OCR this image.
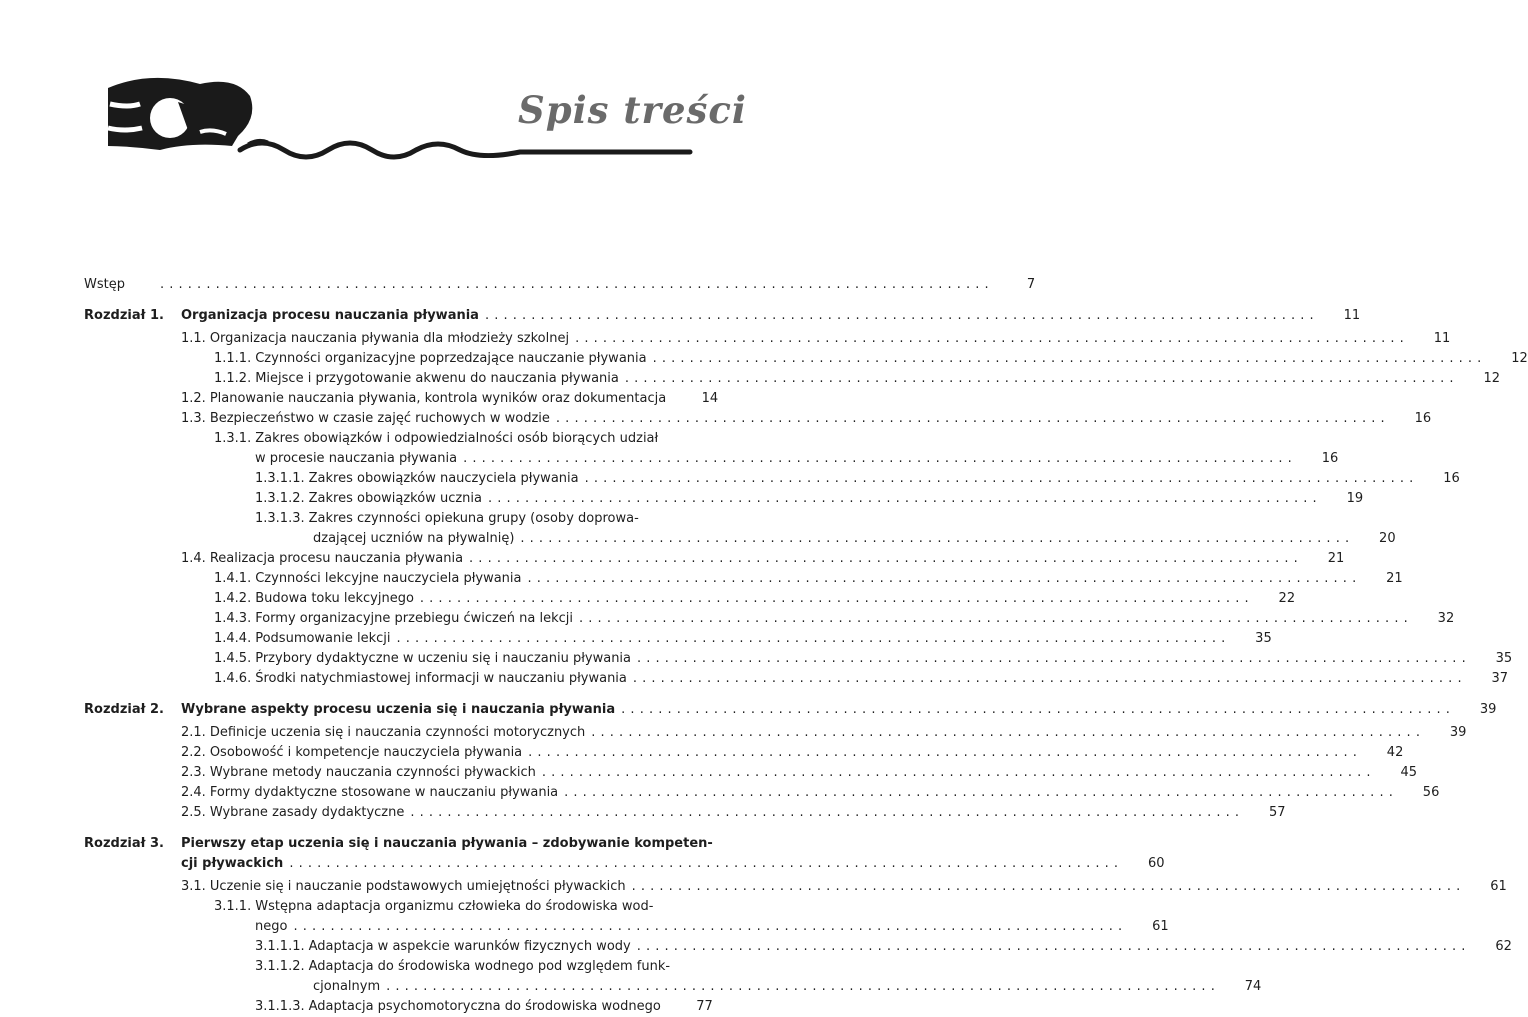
Spis treści
Wstęp	. . . . . . . . . . . . . . . . . . . . . . . . . . . . . . . . . . . . . . . . . . . . . . . . . . . . . . . . . . . . . . . . . . . . . . . . . . . . . . . . . . . . . . . . . .	7
Rozdział 1.	Organizacja procesu nauczania pływania . . . . . . . . . . . . . . . . . . . . . . . . . . . . . . . . . . . . . . . . . . . . . . . . . . . . . . . . . . . . . . . . . . . . . . . . . . . . . . . . . . . . . . . . . .	11
1.1. Organizacja nauczania pływania dla młodzieży szkolnej . . . . . . . . . . . . . . . . . . . . . . . . . . . . . . . . . . . . . . . . . . . . . . . . . . . . . . . . . . . . . . . . . . . . . . . . . . . . . . . . . . . . . . . . . .	11
1.1.1. Czynności organizacyjne poprzedzające nauczanie pływania . . . . . . . . . . . . . . . . . . . . . . . . . . . . . . . . . . . . . . . . . . . . . . . . . . . . . . . . . . . . . . . . . . . . . . . . . . . . . . . . . . . . . . . . . .	12
1.1.2. Miejsce i przygotowanie akwenu do nauczania pływania . . . . . . . . . . . . . . . . . . . . . . . . . . . . . . . . . . . . . . . . . . . . . . . . . . . . . . . . . . . . . . . . . . . . . . . . . . . . . . . . . . . . . . . . . .	12
1.2. Planowanie nauczania pływania, kontrola wyników oraz dokumentacja	14
1.3. Bezpieczeństwo w czasie zajęć ruchowych w wodzie . . . . . . . . . . . . . . . . . . . . . . . . . . . . . . . . . . . . . . . . . . . . . . . . . . . . . . . . . . . . . . . . . . . . . . . . . . . . . . . . . . . . . . . . . .	16
1.3.1. Zakres obowiązków i odpowiedzialności osób biorących udział
w procesie nauczania pływania . . . . . . . . . . . . . . . . . . . . . . . . . . . . . . . . . . . . . . . . . . . . . . . . . . . . . . . . . . . . . . . . . . . . . . . . . . . . . . . . . . . . . . . . . .	16
1.3.1.1. Zakres obowiązków nauczyciela pływania . . . . . . . . . . . . . . . . . . . . . . . . . . . . . . . . . . . . . . . . . . . . . . . . . . . . . . . . . . . . . . . . . . . . . . . . . . . . . . . . . . . . . . . . . .	16
1.3.1.2. Zakres obowiązków ucznia . . . . . . . . . . . . . . . . . . . . . . . . . . . . . . . . . . . . . . . . . . . . . . . . . . . . . . . . . . . . . . . . . . . . . . . . . . . . . . . . . . . . . . . . . .	19
1.3.1.3. Zakres czynności opiekuna grupy (osoby doprowa-
dzającej uczniów na pływalnię) . . . . . . . . . . . . . . . . . . . . . . . . . . . . . . . . . . . . . . . . . . . . . . . . . . . . . . . . . . . . . . . . . . . . . . . . . . . . . . . . . . . . . . . . . .	20
1.4. Realizacja procesu nauczania pływania . . . . . . . . . . . . . . . . . . . . . . . . . . . . . . . . . . . . . . . . . . . . . . . . . . . . . . . . . . . . . . . . . . . . . . . . . . . . . . . . . . . . . . . . . .	21
1.4.1. Czynności lekcyjne nauczyciela pływania . . . . . . . . . . . . . . . . . . . . . . . . . . . . . . . . . . . . . . . . . . . . . . . . . . . . . . . . . . . . . . . . . . . . . . . . . . . . . . . . . . . . . . . . . .	21
1.4.2. Budowa toku lekcyjnego . . . . . . . . . . . . . . . . . . . . . . . . . . . . . . . . . . . . . . . . . . . . . . . . . . . . . . . . . . . . . . . . . . . . . . . . . . . . . . . . . . . . . . . . . .	22
1.4.3. Formy organizacyjne przebiegu ćwiczeń na lekcji . . . . . . . . . . . . . . . . . . . . . . . . . . . . . . . . . . . . . . . . . . . . . . . . . . . . . . . . . . . . . . . . . . . . . . . . . . . . . . . . . . . . . . . . . .	32
1.4.4. Podsumowanie lekcji . . . . . . . . . . . . . . . . . . . . . . . . . . . . . . . . . . . . . . . . . . . . . . . . . . . . . . . . . . . . . . . . . . . . . . . . . . . . . . . . . . . . . . . . . .	35
1.4.5. Przybory dydaktyczne w uczeniu się i nauczaniu pływania . . . . . . . . . . . . . . . . . . . . . . . . . . . . . . . . . . . . . . . . . . . . . . . . . . . . . . . . . . . . . . . . . . . . . . . . . . . . . . . . . . . . . . . . . .	35
1.4.6. Środki natychmiastowej informacji w nauczaniu pływania . . . . . . . . . . . . . . . . . . . . . . . . . . . . . . . . . . . . . . . . . . . . . . . . . . . . . . . . . . . . . . . . . . . . . . . . . . . . . . . . . . . . . . . . . .	37
Rozdział 2.	Wybrane aspekty procesu uczenia się i nauczania pływania . . . . . . . . . . . . . . . . . . . . . . . . . . . . . . . . . . . . . . . . . . . . . . . . . . . . . . . . . . . . . . . . . . . . . . . . . . . . . . . . . . . . . . . . . .	39
2.1. Definicje uczenia się i nauczania czynności motorycznych . . . . . . . . . . . . . . . . . . . . . . . . . . . . . . . . . . . . . . . . . . . . . . . . . . . . . . . . . . . . . . . . . . . . . . . . . . . . . . . . . . . . . . . . . .	39
2.2. Osobowość i kompetencje nauczyciela pływania . . . . . . . . . . . . . . . . . . . . . . . . . . . . . . . . . . . . . . . . . . . . . . . . . . . . . . . . . . . . . . . . . . . . . . . . . . . . . . . . . . . . . . . . . .	42
2.3. Wybrane metody nauczania czynności pływackich . . . . . . . . . . . . . . . . . . . . . . . . . . . . . . . . . . . . . . . . . . . . . . . . . . . . . . . . . . . . . . . . . . . . . . . . . . . . . . . . . . . . . . . . . .	45
2.4. Formy dydaktyczne stosowane w nauczaniu pływania . . . . . . . . . . . . . . . . . . . . . . . . . . . . . . . . . . . . . . . . . . . . . . . . . . . . . . . . . . . . . . . . . . . . . . . . . . . . . . . . . . . . . . . . . .	56
2.5. Wybrane zasady dydaktyczne . . . . . . . . . . . . . . . . . . . . . . . . . . . . . . . . . . . . . . . . . . . . . . . . . . . . . . . . . . . . . . . . . . . . . . . . . . . . . . . . . . . . . . . . . .	57
Rozdział 3.	Pierwszy etap uczenia się i nauczania pływania – zdobywanie kompeten-
cji pływackich . . . . . . . . . . . . . . . . . . . . . . . . . . . . . . . . . . . . . . . . . . . . . . . . . . . . . . . . . . . . . . . . . . . . . . . . . . . . . . . . . . . . . . . . . .	60
3.1. Uczenie się i nauczanie podstawowych umiejętności pływackich . . . . . . . . . . . . . . . . . . . . . . . . . . . . . . . . . . . . . . . . . . . . . . . . . . . . . . . . . . . . . . . . . . . . . . . . . . . . . . . . . . . . . . . . . .	61
3.1.1. Wstępna adaptacja organizmu człowieka do środowiska wod-
nego . . . . . . . . . . . . . . . . . . . . . . . . . . . . . . . . . . . . . . . . . . . . . . . . . . . . . . . . . . . . . . . . . . . . . . . . . . . . . . . . . . . . . . . . . .	61
3.1.1.1. Adaptacja w aspekcie warunków fizycznych wody . . . . . . . . . . . . . . . . . . . . . . . . . . . . . . . . . . . . . . . . . . . . . . . . . . . . . . . . . . . . . . . . . . . . . . . . . . . . . . . . . . . . . . . . . .	62
3.1.1.2. Adaptacja do środowiska wodnego pod względem funk-
cjonalnym . . . . . . . . . . . . . . . . . . . . . . . . . . . . . . . . . . . . . . . . . . . . . . . . . . . . . . . . . . . . . . . . . . . . . . . . . . . . . . . . . . . . . . . . . .	74
3.1.1.3. Adaptacja psychomotoryczna do środowiska wodnego	77
